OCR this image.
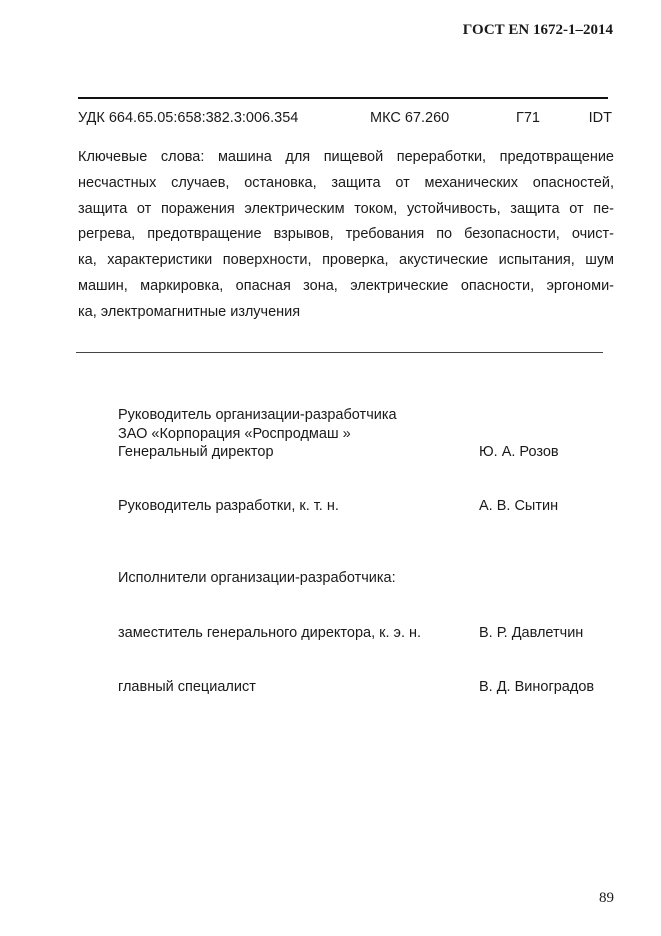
ГОСТ EN 1672-1–2014
УДК 664.65.05:658:382.3:006.354	МКС 67.260	Г71	IDT
Ключевые слова: машина для пищевой переработки, предотвращение
несчастных случаев, остановка, защита от механических опасностей,
защита от поражения электрическим током, устойчивость, защита от пе-
регрева, предотвращение взрывов, требования по безопасности, очист-
ка, характеристики поверхности, проверка, акустические испытания, шум
машин, маркировка, опасная зона, электрические опасности, эргономи-
ка, электромагнитные излучения
Руководитель организации-разработчика
ЗАО «Корпорация «Роспродмаш »
Генеральный директор	Ю. А. Розов
Руководитель разработки, к. т. н.	А. В. Сытин
Исполнители организации-разработчика:
заместитель генерального директора, к. э. н.	В. Р. Давлетчин
главный специалист	В. Д. Виноградов
89
